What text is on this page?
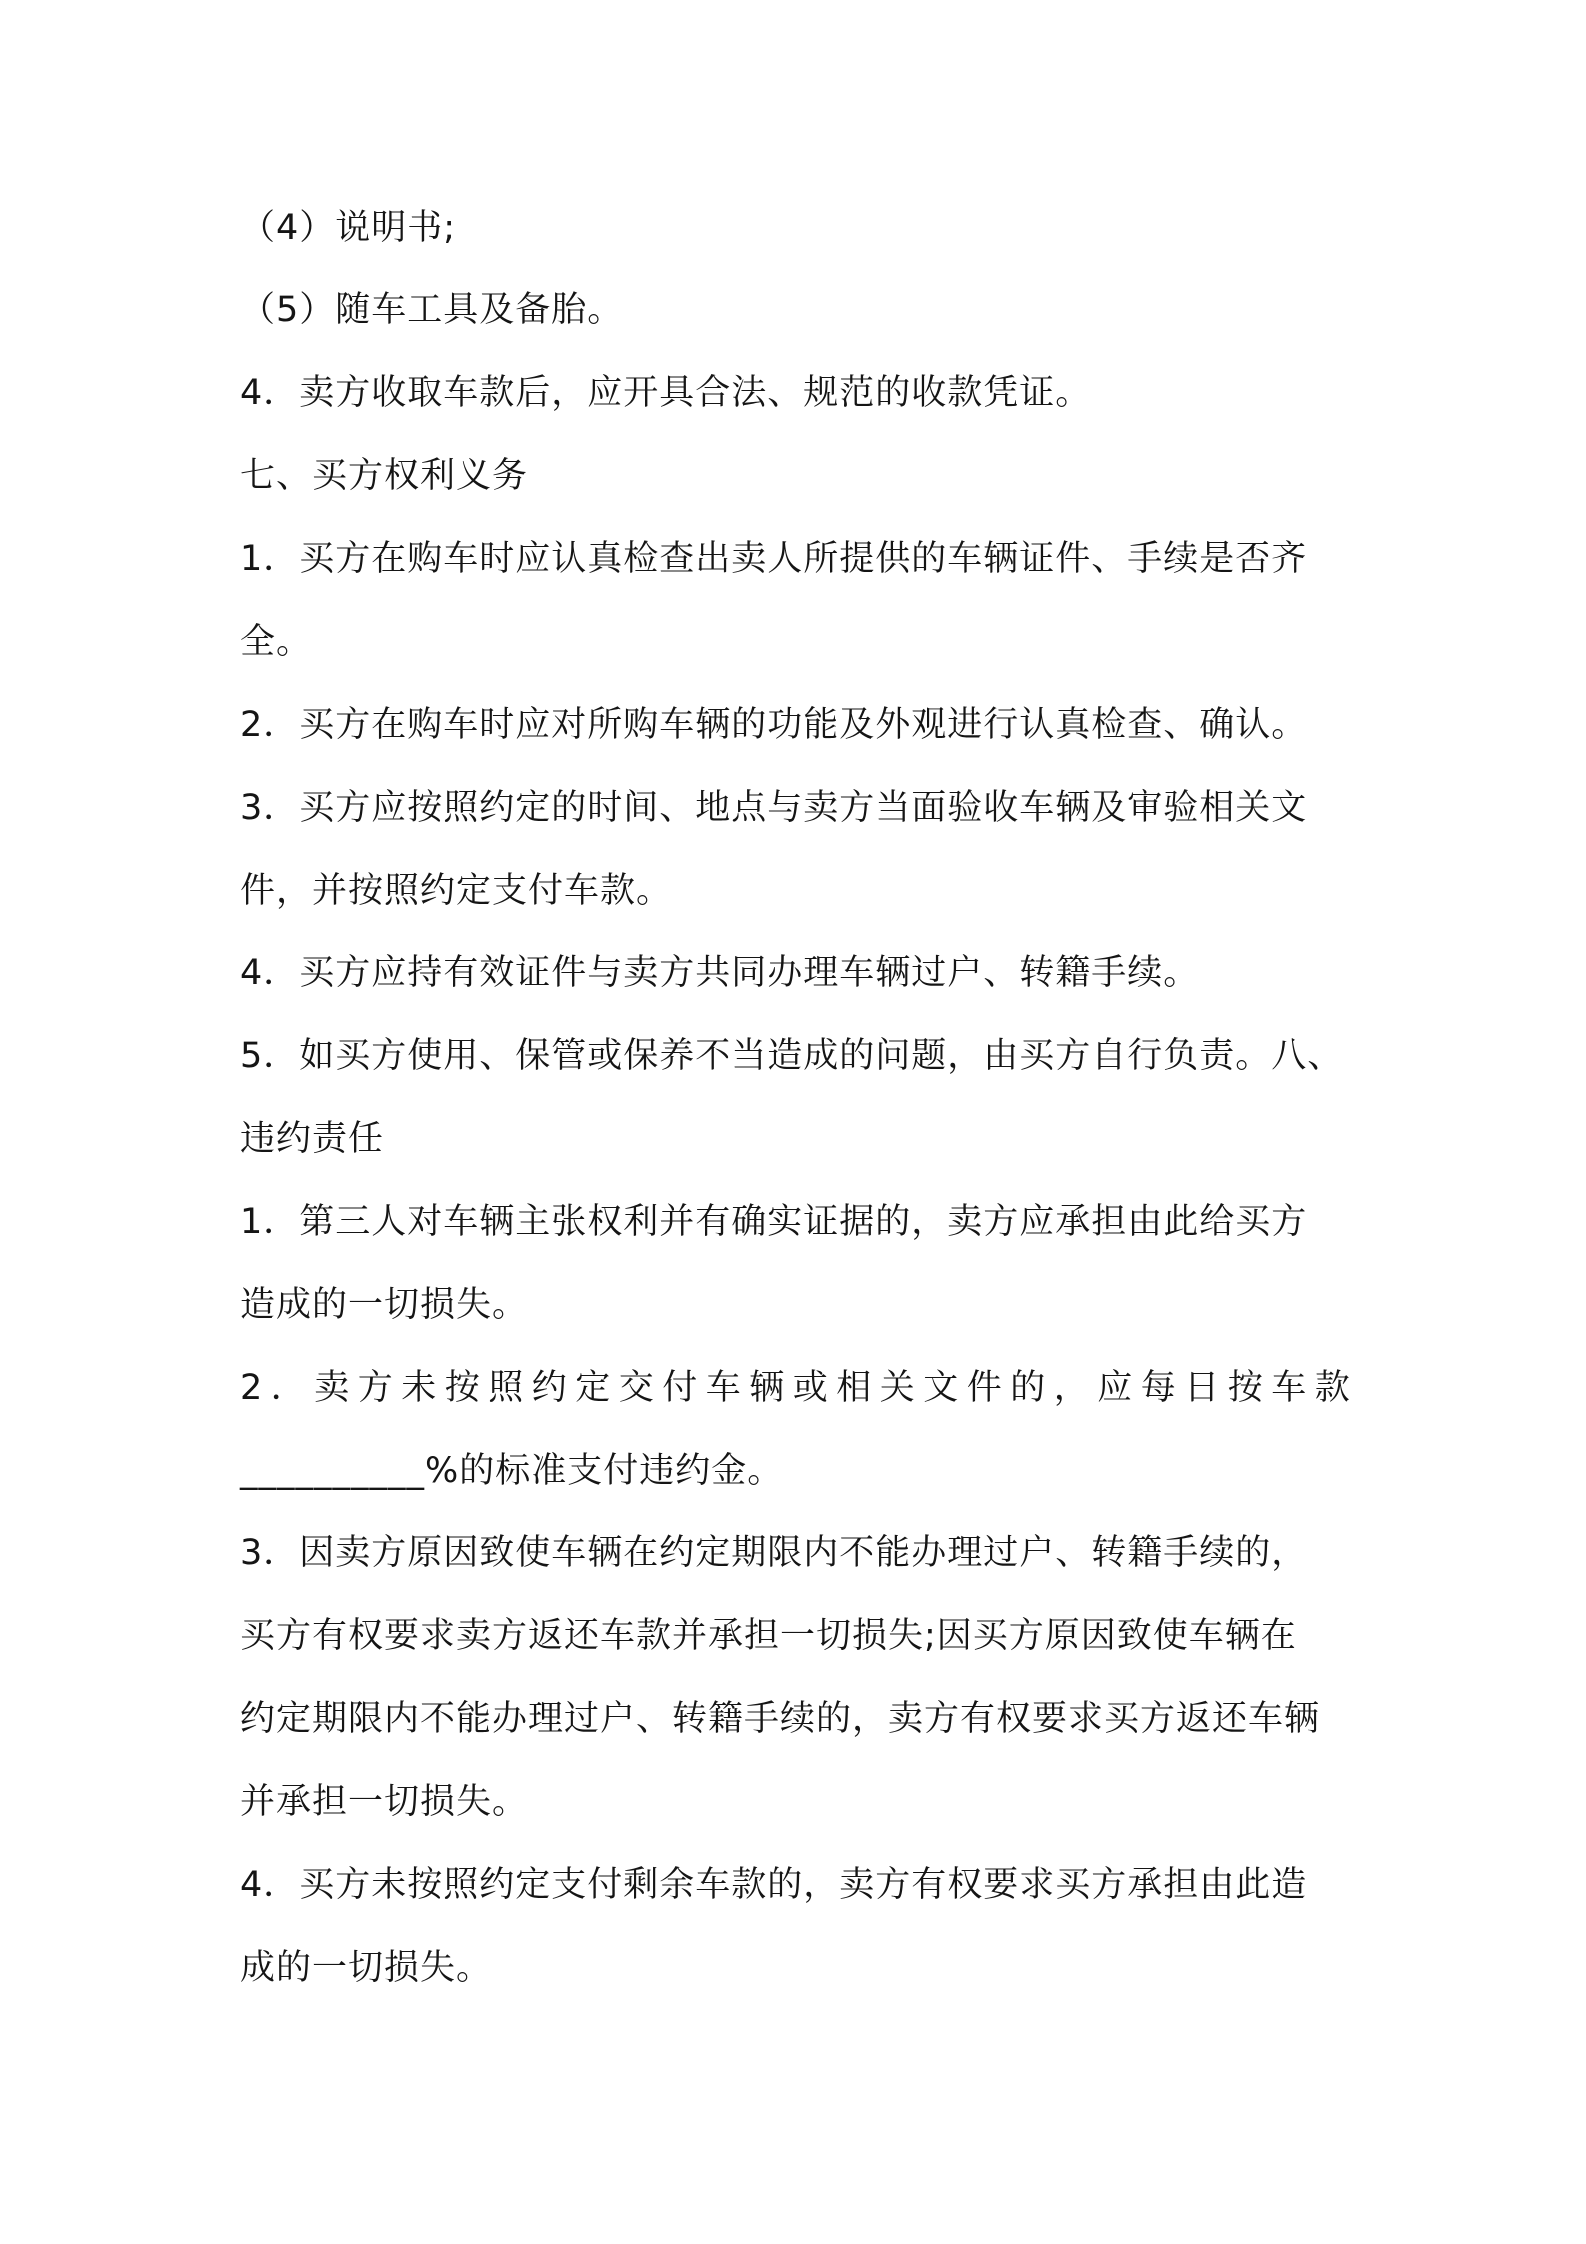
（4）说明书;
（5）随车工具及备胎。
4．卖方收取车款后，应开具合法、规范的收款凭证。
七、买方权利义务
1．买方在购车时应认真检查出卖人所提供的车辆证件、手续是否齐
全。
2．买方在购车时应对所购车辆的功能及外观进行认真检查、确认。
3．买方应按照约定的时间、地点与卖方当面验收车辆及审验相关文
件，并按照约定支付车款。
4．买方应持有效证件与卖方共同办理车辆过户、转籍手续。
5．如买方使用、保管或保养不当造成的问题，由买方自行负责。八、
违约责任
1．第三人对车辆主张权利并有确实证据的，卖方应承担由此给买方
造成的一切损失。
2．卖方未按照约定交付车辆或相关文件的，应每日按车款
__________%的标准支付违约金。
3．因卖方原因致使车辆在约定期限内不能办理过户、转籍手续的，
买方有权要求卖方返还车款并承担一切损失;因买方原因致使车辆在
约定期限内不能办理过户、转籍手续的，卖方有权要求买方返还车辆
并承担一切损失。
4．买方未按照约定支付剩余车款的，卖方有权要求买方承担由此造
成的一切损失。
